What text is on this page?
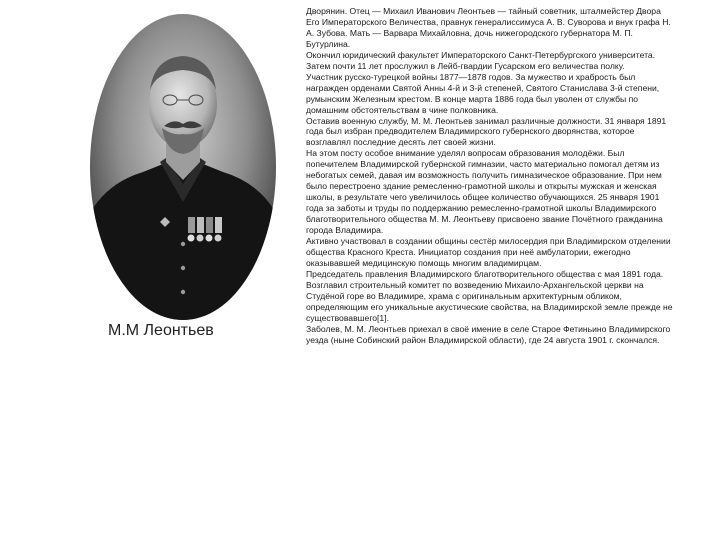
М.М Леонтьев

Дворянин. Отец — Михаил Иванович Леонтьев — тайный советник, шталмейстер Двора Его Императорского Величества, правнук генералиссимуса А. В. Суворова и внук графа Н. А. Зубова. Мать — Варвара Михайловна, дочь нижегородского губернатора М. П. Бутурлина.

Окончил юридический факультет Императорского Санкт-Петербургского университета. Затем почти 11 лет прослужил в Лейб-гвардии Гусарском его величества полку.

Участник русско-турецкой войны 1877—1878 годов. За мужество и храбрость был награжден орденами Святой Анны 4-й и 3-й степеней, Святого Станислава 3-й степени, румынским Железным крестом. В конце марта 1886 года был уволен от службы по домашним обстоятельствам в чине полковника.

Оставив военную службу, М. М. Леонтьев занимал различные должности. 31 января 1891 года был избран предводителем Владимирского губернского дворянства, которое возглавлял последние десять лет своей жизни.

На этом посту особое внимание уделял вопросам образования молодёжи. Был попечителем Владимирской губернской гимназии, часто материально помогал детям из небогатых семей, давая им возможность получить гимназическое образование. При нем было перестроено здание ремесленно-грамотной школы и открыты мужская и женская школы, в результате чего увеличилось общее количество обучающихся. 25 января 1901 года за заботы и труды по поддержанию ремесленно-грамотной школы Владимирского благотворительного общества М. М. Леонтьеву присвоено звание Почётного гражданина города Владимира.

Активно участвовал в создании общины сестёр милосердия при Владимирском отделении общества Красного Креста. Инициатор создания при неё амбулатории, ежегодно оказывавшей медицинскую помощь многим владимирцам.

Председатель правления Владимирского благотворительного общества с мая 1891 года. Возглавил строительный комитет по возведению Михаило-Архангельской церкви на Студёной горе во Владимире, храма с оригинальным архитектурным обликом, определяющим его уникальные акустические свойства, на Владимирской земле прежде не существовавшего[1].

Заболев, М. М. Леонтьев приехал в своё имение в селе Старое Фетиньино Владимирского уезда (ныне Собинский район Владимирской области), где 24 августа 1901 г. скончался.
